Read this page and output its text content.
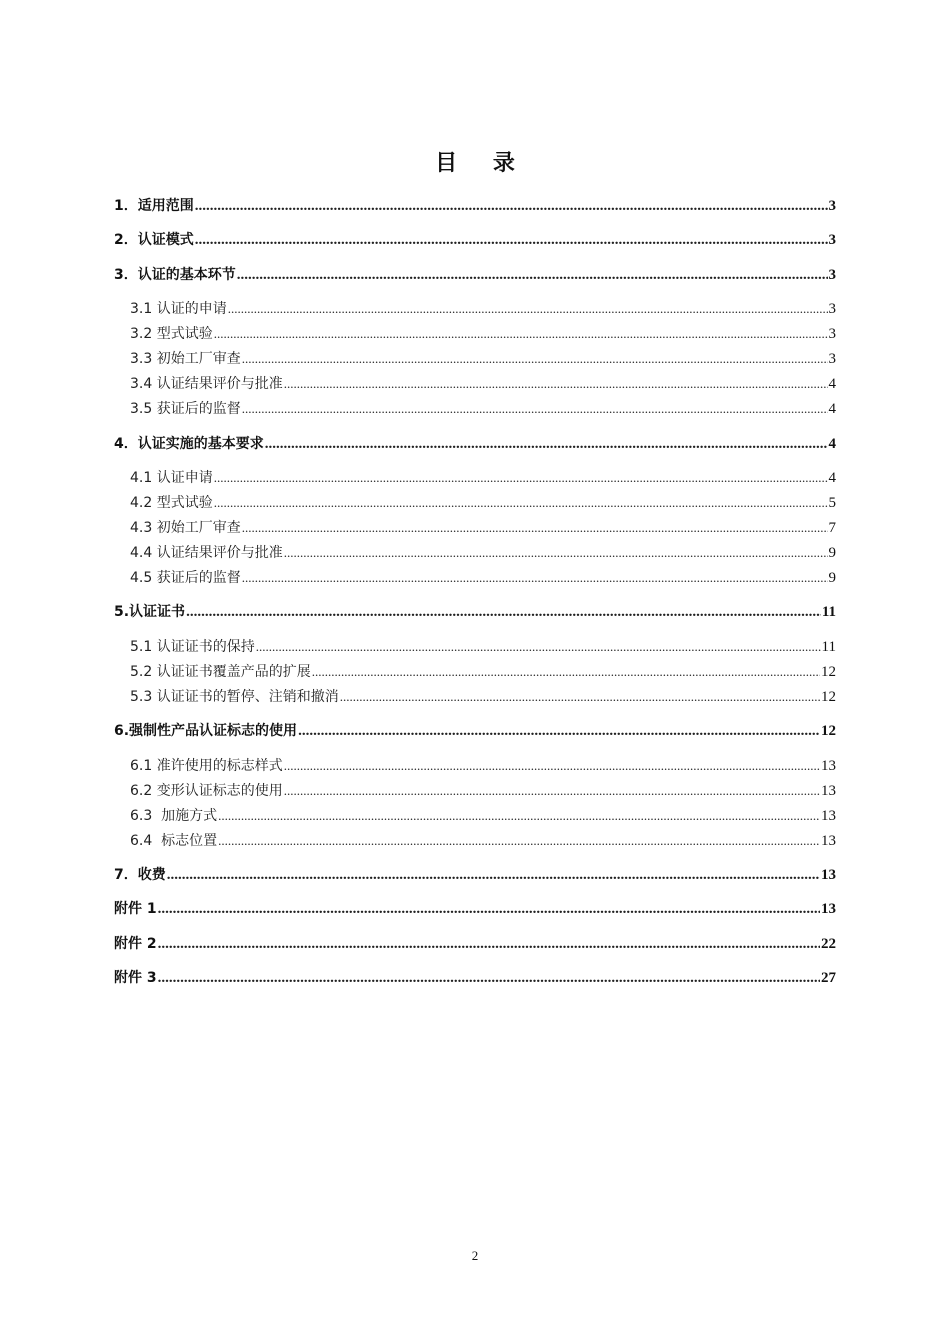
目 录
1．适用范围 .....	3
2．认证模式 .....	3
3．认证的基本环节 .....	3
3.1 认证的申请 .....	3
3.2 型式试验 .....	3
3.3 初始工厂审查 .....	3
3.4 认证结果评价与批准 .....	4
3.5 获证后的监督 .....	4
4．认证实施的基本要求 .....	4
4.1 认证申请 .....	4
4.2 型式试验 .....	5
4.3 初始工厂审查 .....	7
4.4 认证结果评价与批准 .....	9
4.5 获证后的监督 .....	9
5.认证证书 .....	11
5.1 认证证书的保持 .....	11
5.2 认证证书覆盖产品的扩展 .....	12
5.3 认证证书的暂停、注销和撤消 .....	12
6.强制性产品认证标志的使用 .....	12
6.1 准许使用的标志样式 .....	13
6.2 变形认证标志的使用 .....	13
6.3  加施方式 .....	13
6.4  标志位置 .....	13
7．收费 .....	13
附件 1 .....	13
附件 2 .....	22
附件 3 .....	27
2
